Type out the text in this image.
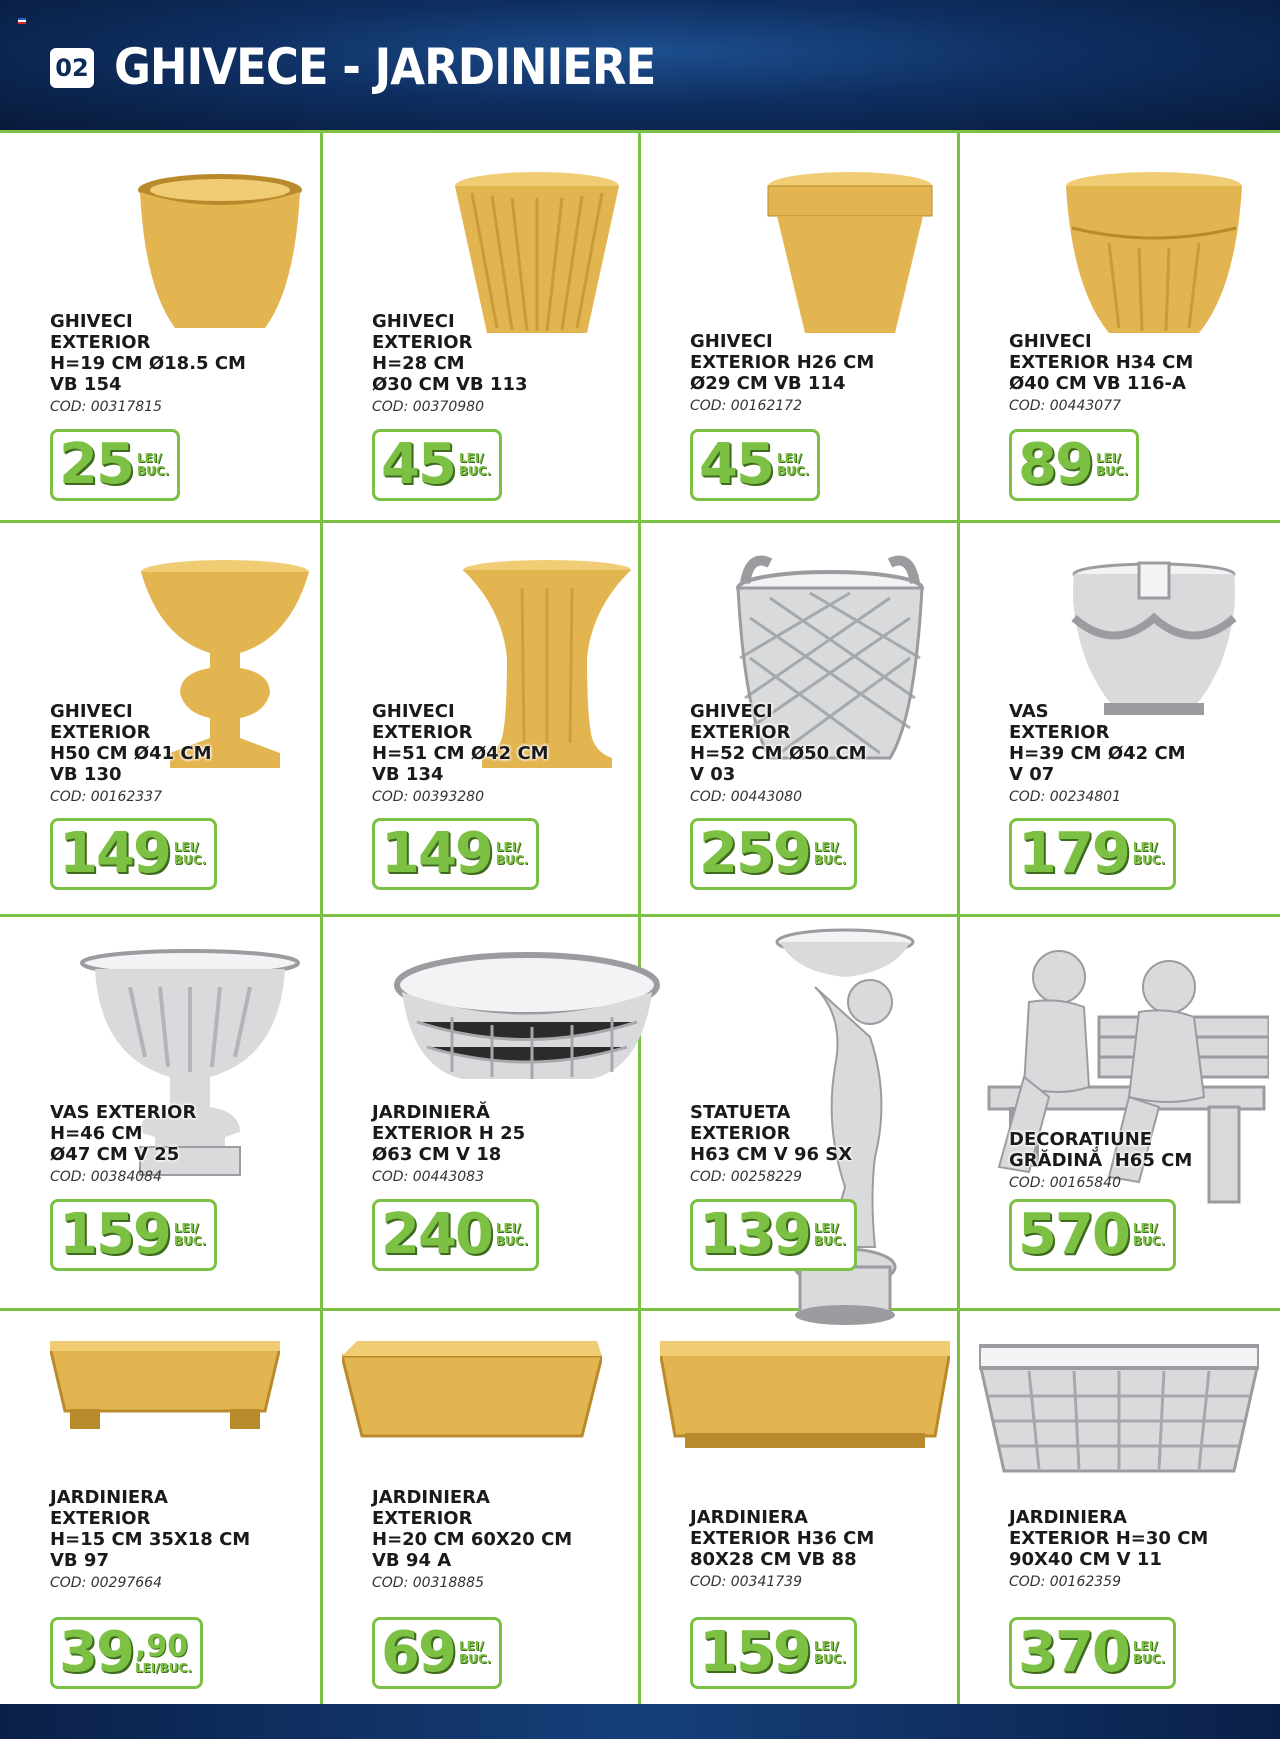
02 GHIVECE - JARDINIERE
GHIVECI
EXTERIOR
H=19 CM Ø18.5 CM
VB 154
COD: 00317815
25 LEI/
BUC.
GHIVECI
EXTERIOR
H=28 CM
Ø30 CM VB 113
COD: 00370980
45 LEI/
BUC.
GHIVECI
EXTERIOR H26 CM
Ø29 CM VB 114
COD: 00162172
45 LEI/
BUC.
GHIVECI
EXTERIOR H34 CM
Ø40 CM VB 116-A
COD: 00443077
89 LEI/
BUC.
GHIVECI
EXTERIOR
H50 CM Ø41 CM
VB 130
COD: 00162337
149 LEI/
BUC.
GHIVECI
EXTERIOR
H=51 CM Ø42 CM
VB 134
COD: 00393280
149 LEI/
BUC.
GHIVECI
EXTERIOR
H=52 CM Ø50 CM
V 03
COD: 00443080
259 LEI/
BUC.
VAS
EXTERIOR
H=39 CM Ø42 CM
V 07
COD: 00234801
179 LEI/
BUC.
VAS EXTERIOR
H=46 CM
Ø47 CM V 25
COD: 00384084
159 LEI/
BUC.
JARDINIERĂ
EXTERIOR H 25
Ø63 CM V 18
COD: 00443083
240 LEI/
BUC.
STATUETA
EXTERIOR
H63 CM V 96 SX
COD: 00258229
139 LEI/
BUC.
DECORAȚIUNE
GRĂDINĂ  H65 CM
COD: 00165840
570 LEI/
BUC.
JARDINIERA
EXTERIOR
H=15 CM 35X18 CM
VB 97
COD: 00297664
39 ,90
LEI/BUC.
JARDINIERA
EXTERIOR
H=20 CM 60X20 CM
VB 94 A
COD: 00318885
69 LEI/
BUC.
JARDINIERA
EXTERIOR H36 CM
80X28 CM VB 88
COD: 00341739
159 LEI/
BUC.
JARDINIERA
EXTERIOR H=30 CM
90X40 CM V 11
COD: 00162359
370 LEI/
BUC.
